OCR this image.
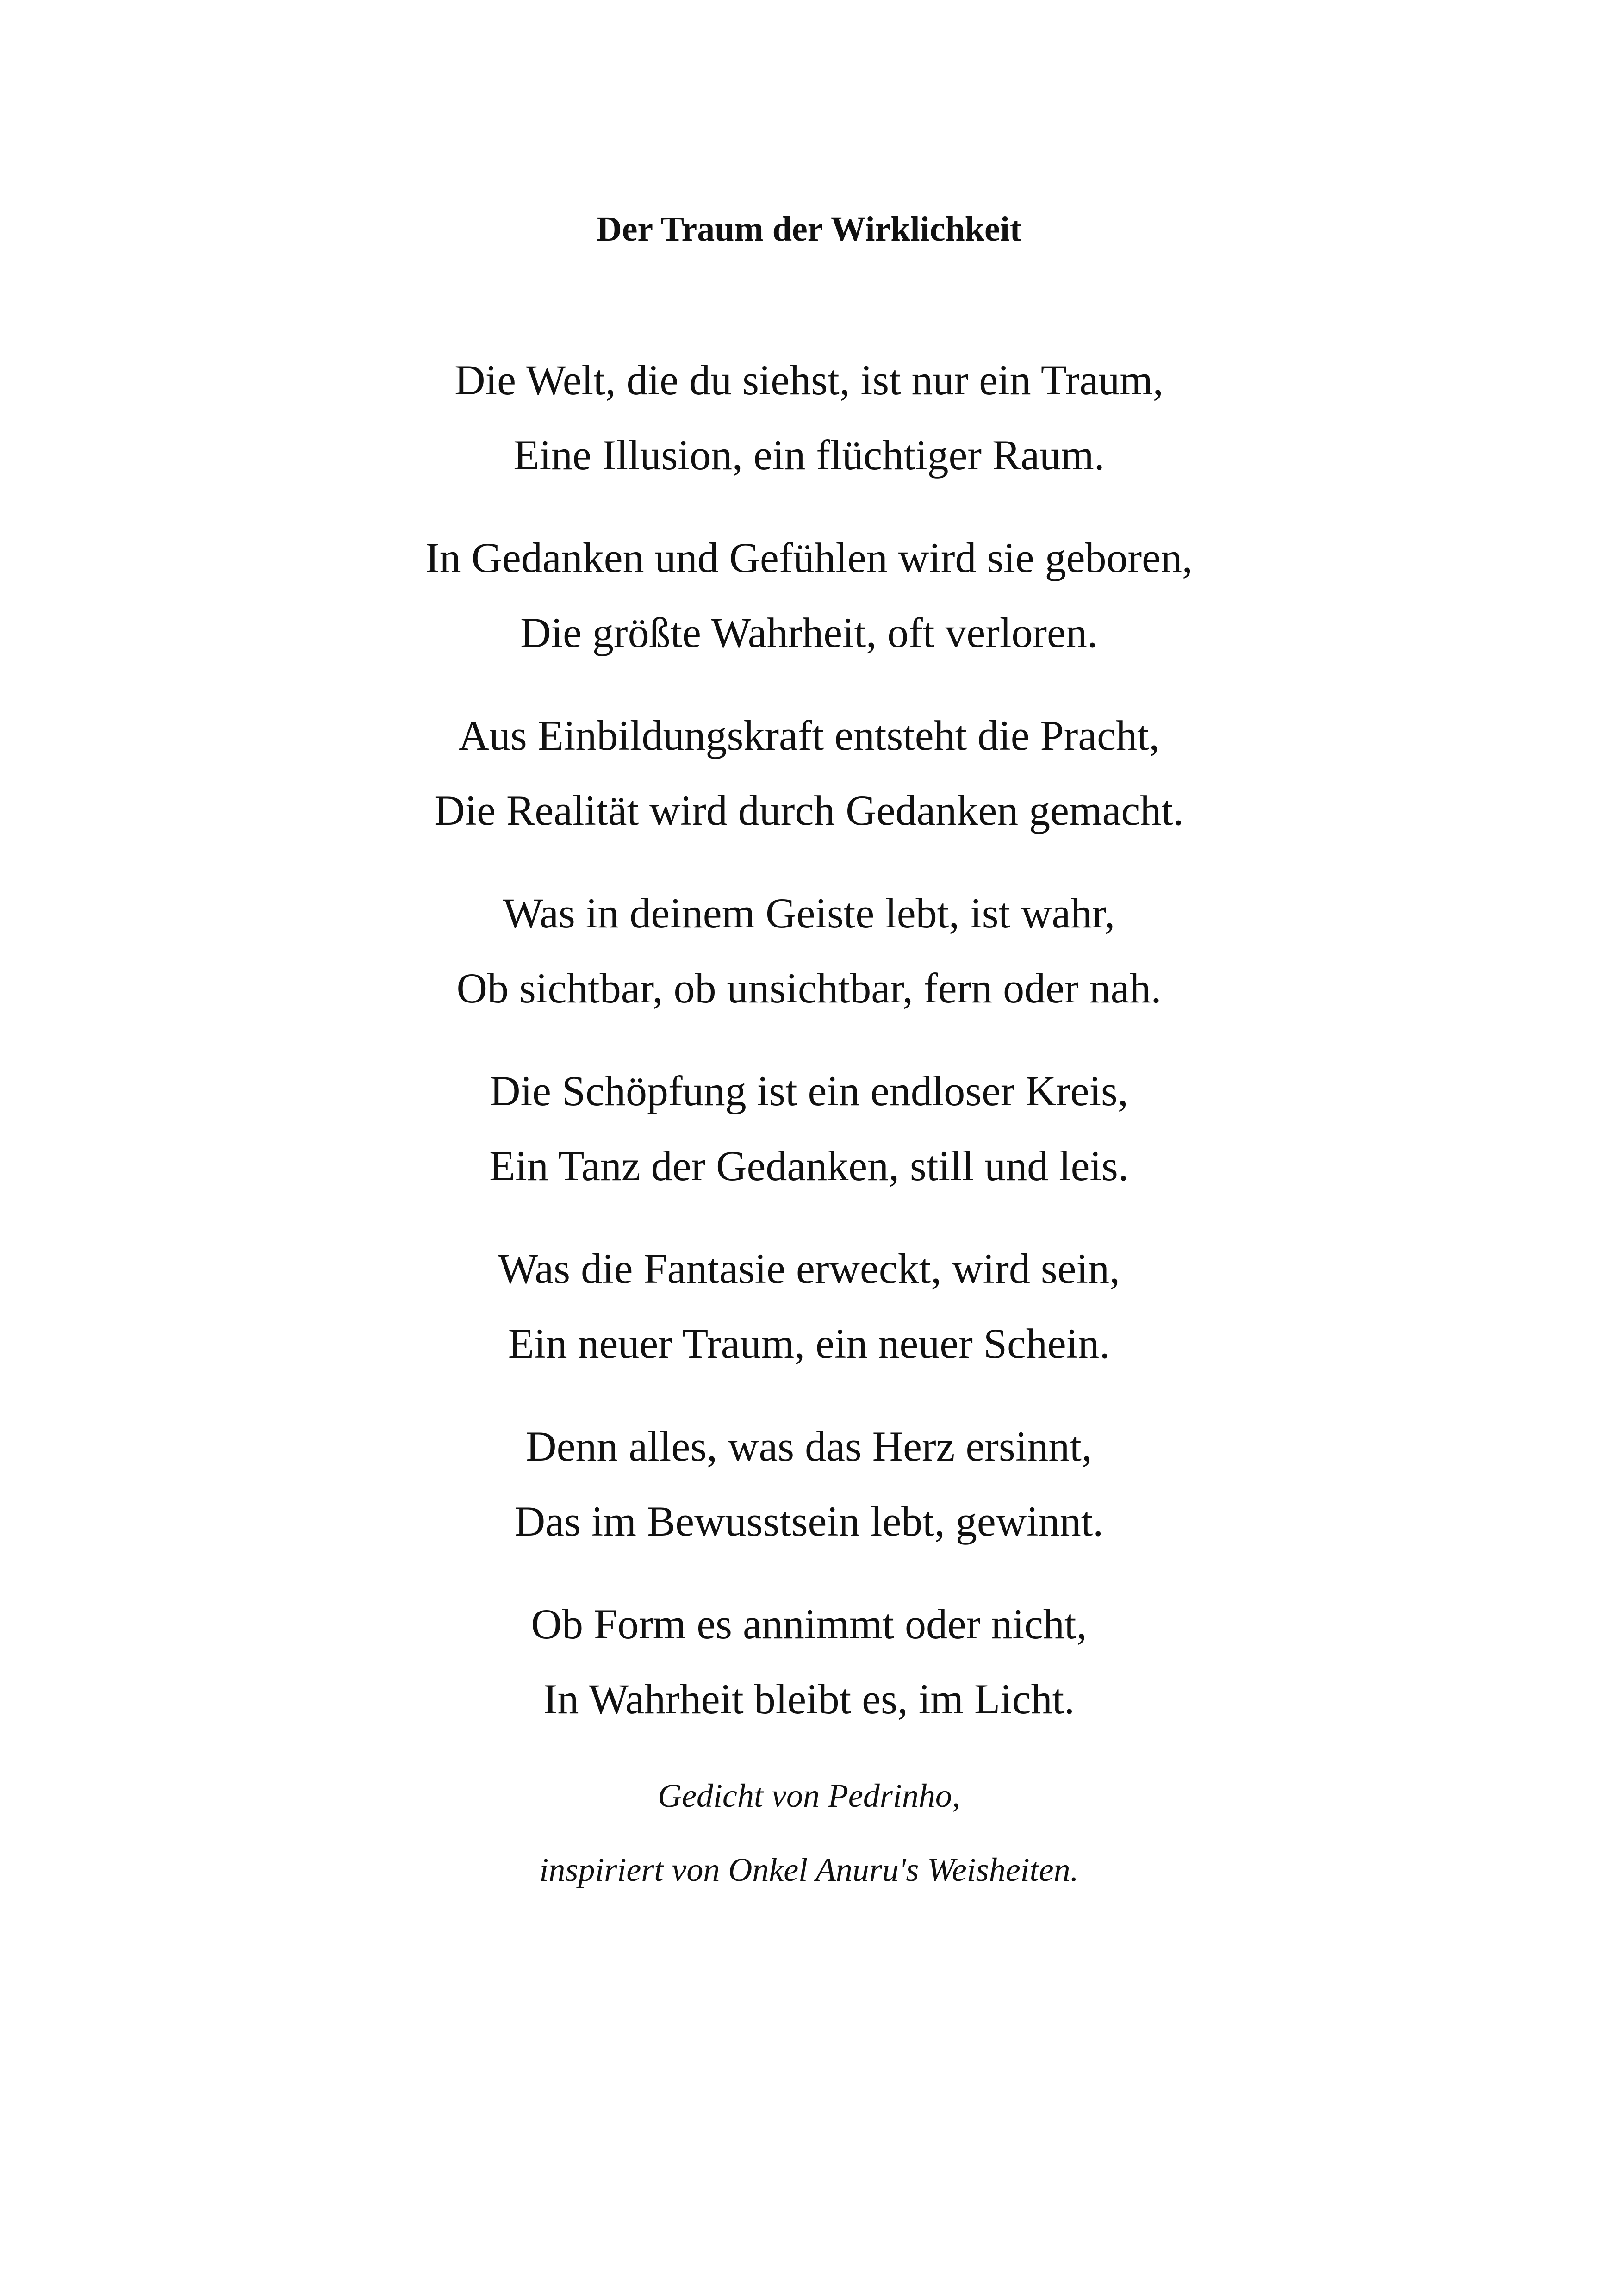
Der Traum der Wirklichkeit

Die Welt, die du siehst, ist nur ein Traum,
Eine Illusion, ein flüchtiger Raum.

In Gedanken und Gefühlen wird sie geboren,
Die größte Wahrheit, oft verloren.

Aus Einbildungskraft entsteht die Pracht,
Die Realität wird durch Gedanken gemacht.

Was in deinem Geiste lebt, ist wahr,
Ob sichtbar, ob unsichtbar, fern oder nah.

Die Schöpfung ist ein endloser Kreis,
Ein Tanz der Gedanken, still und leis.

Was die Fantasie erweckt, wird sein,
Ein neuer Traum, ein neuer Schein.

Denn alles, was das Herz ersinnt,
Das im Bewusstsein lebt, gewinnt.

Ob Form es annimmt oder nicht,
In Wahrheit bleibt es, im Licht.

Gedicht von Pedrinho,
inspiriert von Onkel Anuru's Weisheiten.
